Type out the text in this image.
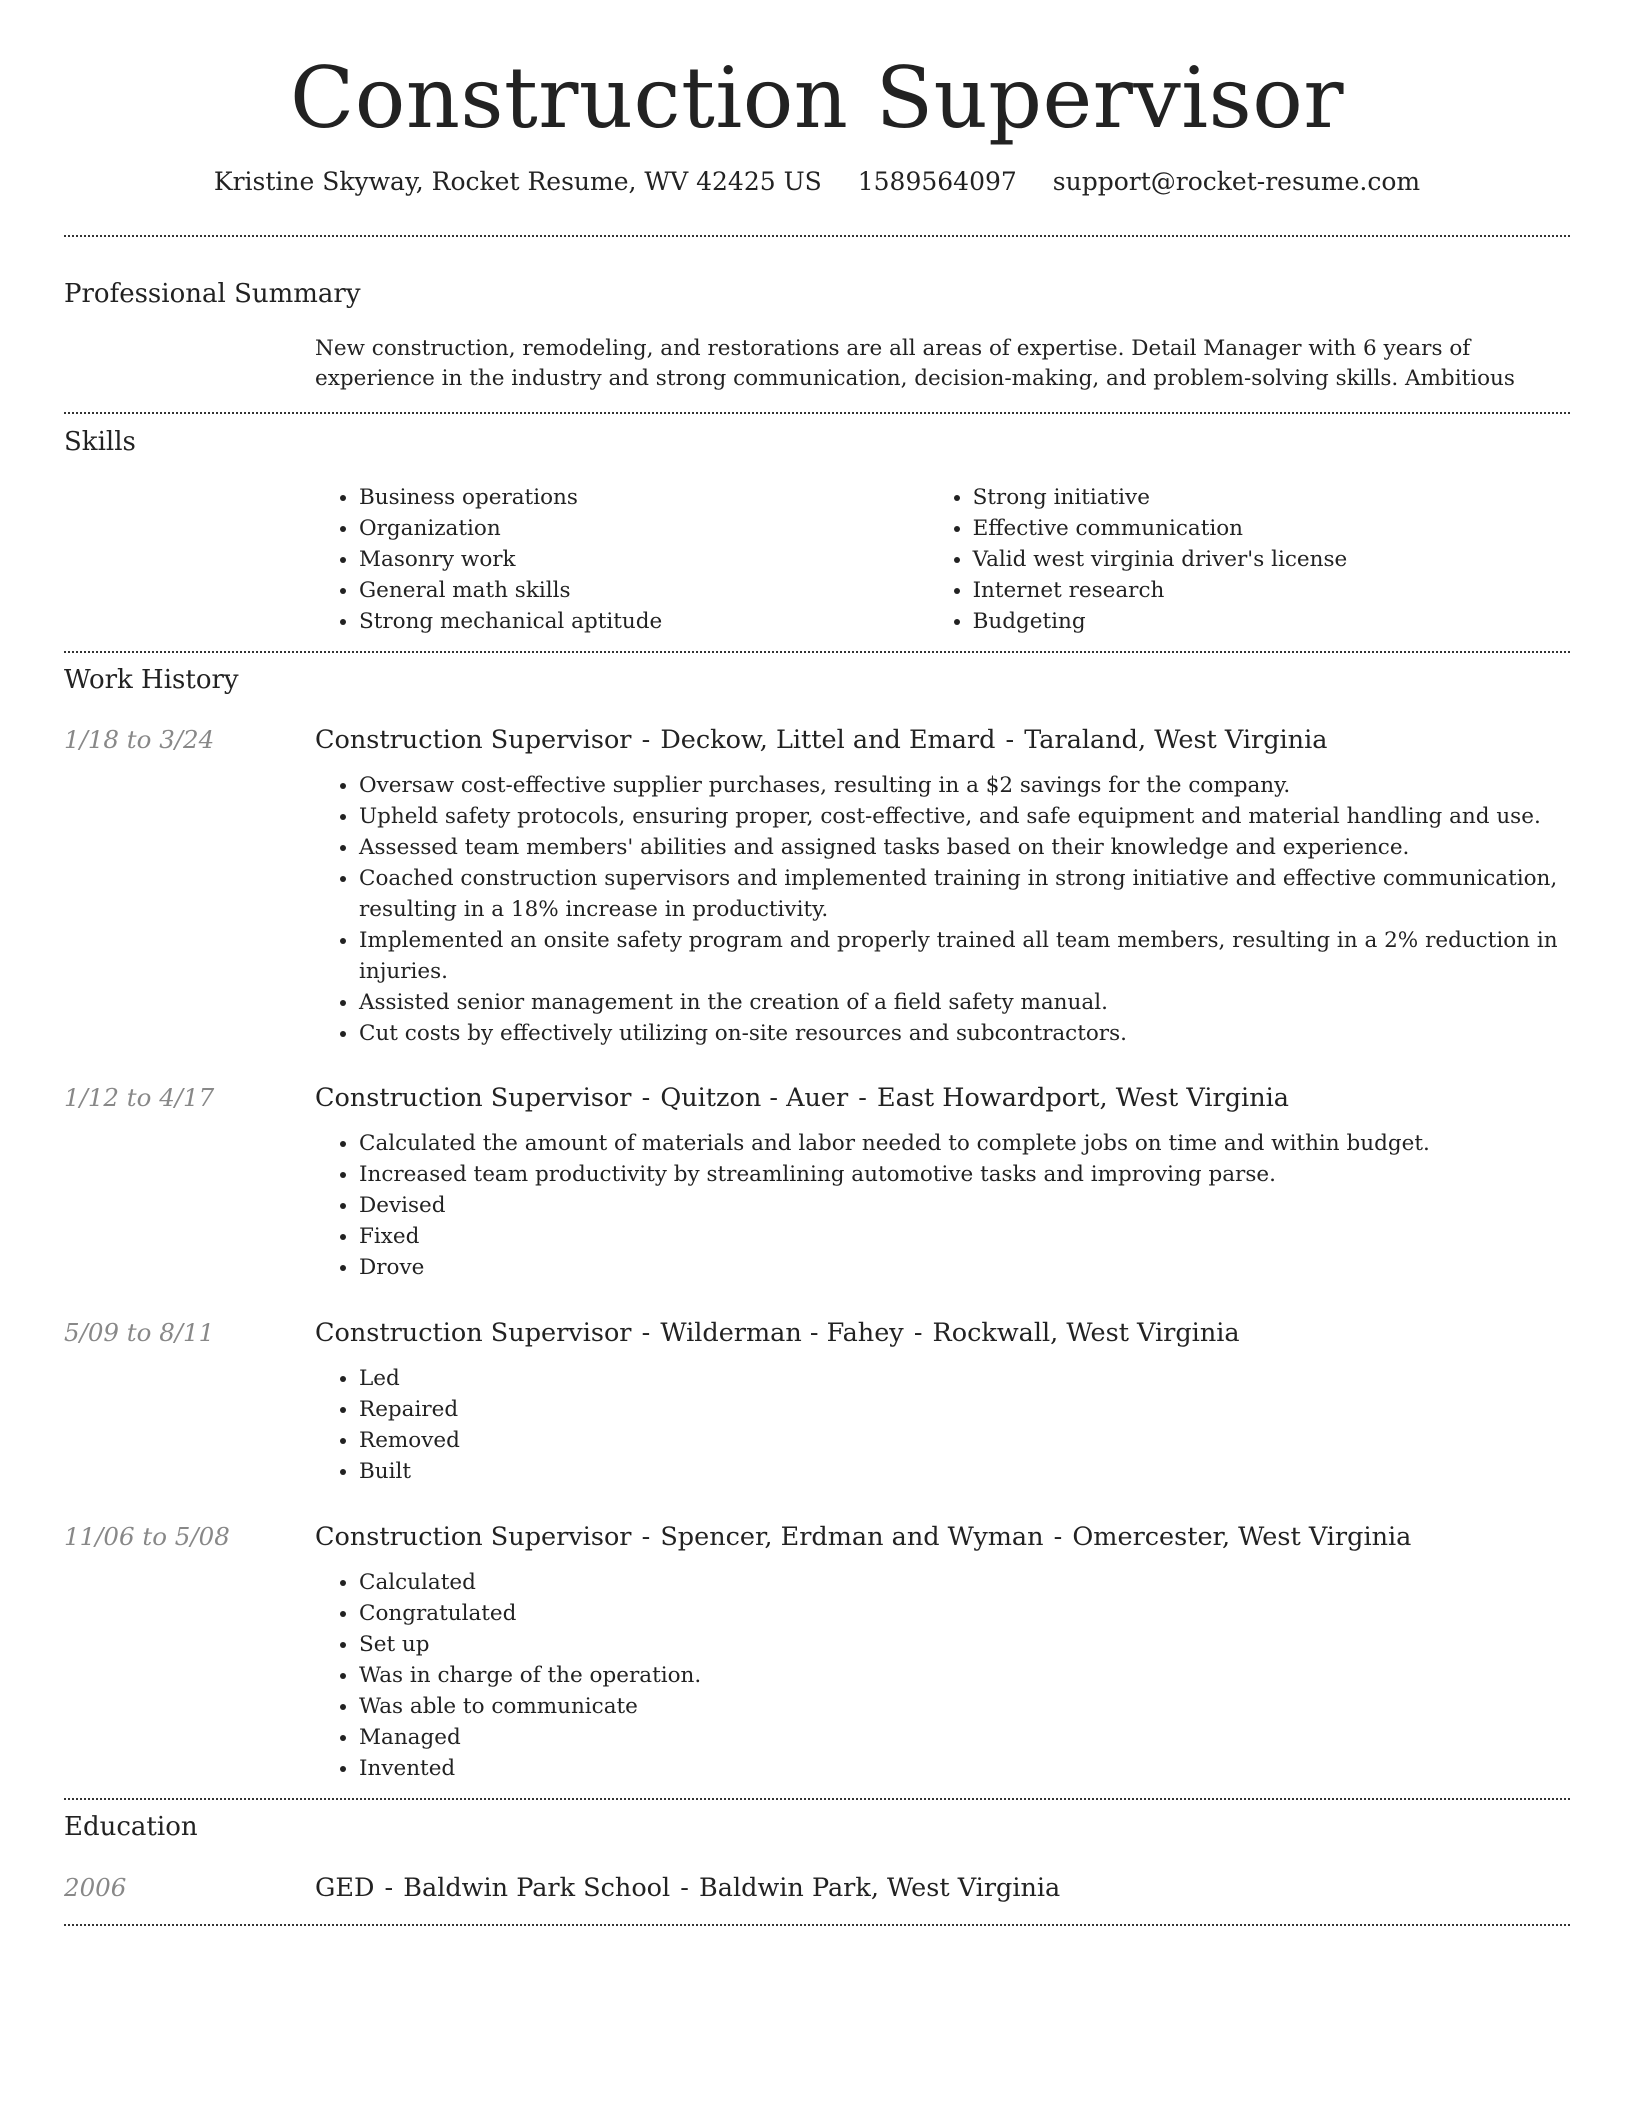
Construction Supervisor
Kristine Skyway, Rocket Resume, WV 42425 US 1589564097 support@rocket-resume.com
Professional Summary

New construction, remodeling, and restorations are all areas of expertise. Detail Manager with 6 years of experience in the industry and strong communication, decision-making, and problem-solving skills. Ambitious

Skills
• Business operations
• Organization
• Masonry work
• General math skills
• Strong mechanical aptitude
• Strong initiative
• Effective communication
• Valid west virginia driver's license
• Internet research
• Budgeting
Work History
1/18 to 3/24	Construction Supervisor - Deckow, Littel and Emard - Taraland, West Virginia
• Oversaw cost-effective supplier purchases, resulting in a $2 savings for the company.
• Upheld safety protocols, ensuring proper, cost-effective, and safe equipment and material handling and use.
• Assessed team members' abilities and assigned tasks based on their knowledge and experience.
• Coached construction supervisors and implemented training in strong initiative and effective communication, resulting in a 18% increase in productivity.
• Implemented an onsite safety program and properly trained all team members, resulting in a 2% reduction in injuries.
• Assisted senior management in the creation of a field safety manual.
• Cut costs by effectively utilizing on-site resources and subcontractors.
1/12 to 4/17	Construction Supervisor - Quitzon - Auer - East Howardport, West Virginia
• Calculated the amount of materials and labor needed to complete jobs on time and within budget.
• Increased team productivity by streamlining automotive tasks and improving parse.
• Devised
• Fixed
• Drove
5/09 to 8/11	Construction Supervisor - Wilderman - Fahey - Rockwall, West Virginia
• Led
• Repaired
• Removed
• Built
11/06 to 5/08	Construction Supervisor - Spencer, Erdman and Wyman - Omercester, West Virginia
• Calculated
• Congratulated
• Set up
• Was in charge of the operation.
• Was able to communicate
• Managed
• Invented
Education
2006	GED - Baldwin Park School - Baldwin Park, West Virginia
